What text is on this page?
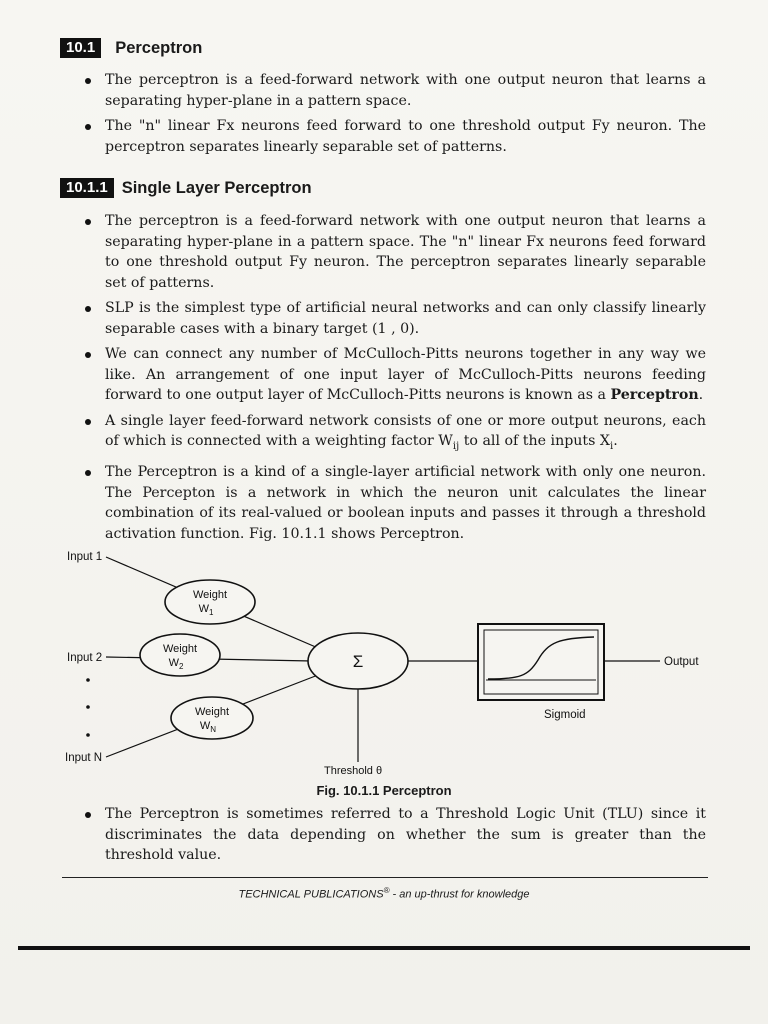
10.1	Perceptron
The perceptron is a feed-forward network with one output neuron that learns a separating hyper-plane in a pattern space.
The "n" linear Fx neurons feed forward to one threshold output Fy neuron. The perceptron separates linearly separable set of patterns.
10.1.1 Single Layer Perceptron
The perceptron is a feed-forward network with one output neuron that learns a separating hyper-plane in a pattern space. The "n" linear Fx neurons feed forward to one threshold output Fy neuron. The perceptron separates linearly separable set of patterns.
SLP is the simplest type of artificial neural networks and can only classify linearly separable cases with a binary target (1 , 0).
We can connect any number of McCulloch-Pitts neurons together in any way we like. An arrangement of one input layer of McCulloch-Pitts neurons feeding forward to one output layer of McCulloch-Pitts neurons is known as a Perceptron.
A single layer feed-forward network consists of one or more output neurons, each of which is connected with a weighting factor $W_{ij}$ to all of the inputs $X_i$.
The Perceptron is a kind of a single-layer artificial network with only one neuron. The Percepton is a network in which the neuron unit calculates the linear combination of its real-valued or boolean inputs and passes it through a threshold activation function. Fig. 10.1.1 shows Perceptron.
Input 1
Input 2
Input N
Weight
$W_1$
Weight
$W_2$
Weight
$W_N$
Σ	Output
Sigmoid
Threshold θ
Fig. 10.1.1 Perceptron
The Perceptron is sometimes referred to a Threshold Logic Unit (TLU) since it discriminates the data depending on whether the sum is greater than the threshold value.
TECHNICAL PUBLICATIONS® - an up-thrust for knowledge
